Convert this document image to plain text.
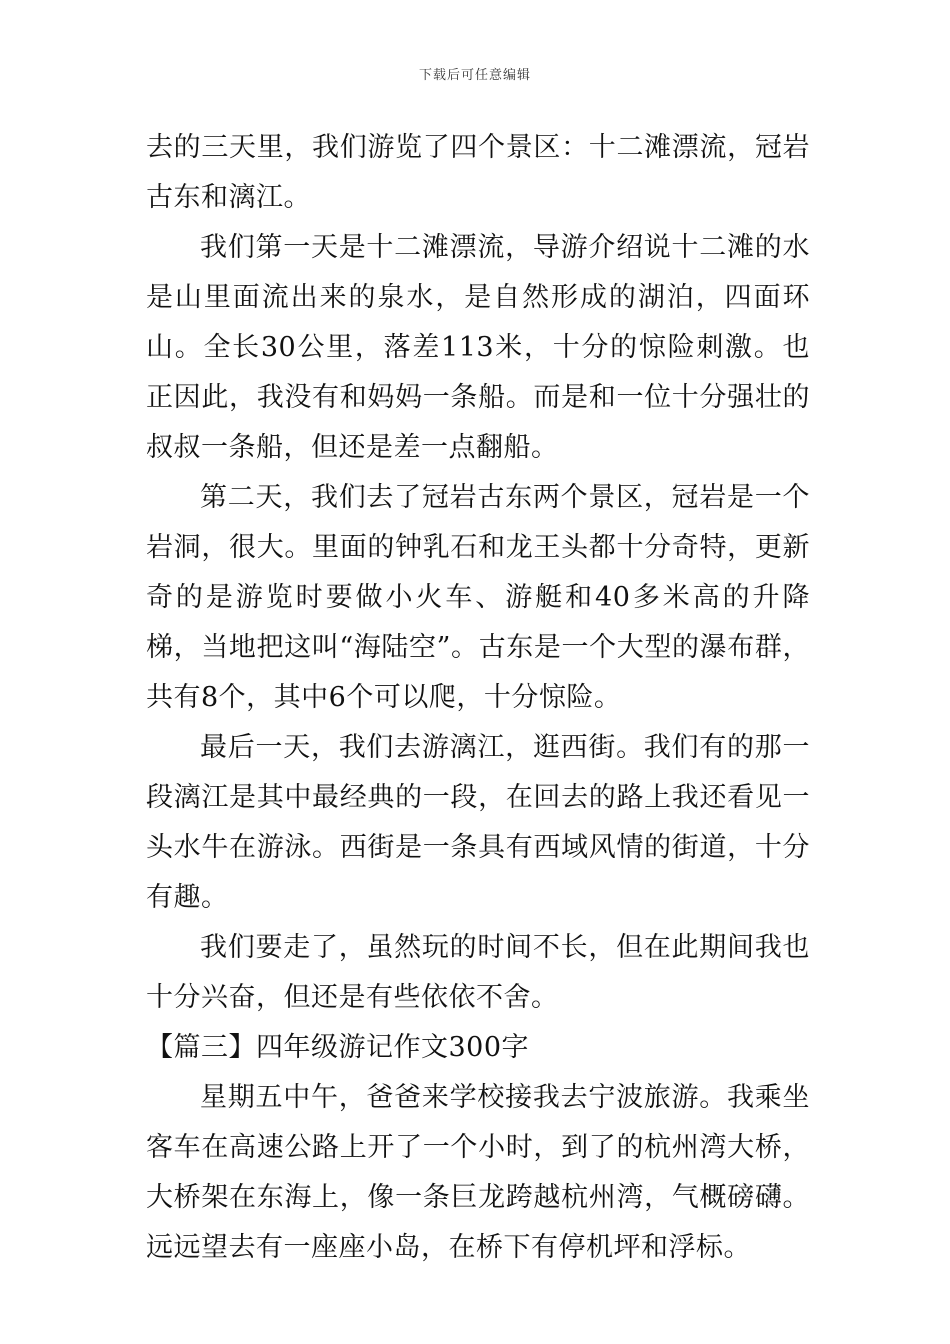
下载后可任意编辑

去的三天里，我们游览了四个景区：十二滩漂流，冠岩古东和漓江。

我们第一天是十二滩漂流，导游介绍说十二滩的水是山里面流出来的泉水，是自然形成的湖泊，四面环山。全长30公里，落差113米，十分的惊险刺激。也正因此，我没有和妈妈一条船。而是和一位十分强壮的叔叔一条船，但还是差一点翻船。

第二天，我们去了冠岩古东两个景区，冠岩是一个岩洞，很大。里面的钟乳石和龙王头都十分奇特，更新奇的是游览时要做小火车、游艇和40多米高的升降梯，当地把这叫“海陆空”。古东是一个大型的瀑布群，共有8个，其中6个可以爬，十分惊险。

最后一天，我们去游漓江，逛西街。我们有的那一段漓江是其中最经典的一段，在回去的路上我还看见一头水牛在游泳。西街是一条具有西域风情的街道，十分有趣。

我们要走了，虽然玩的时间不长，但在此期间我也十分兴奋，但还是有些依依不舍。

【篇三】四年级游记作文300字

星期五中午，爸爸来学校接我去宁波旅游。我乘坐客车在高速公路上开了一个小时，到了的杭州湾大桥，大桥架在东海上，像一条巨龙跨越杭州湾，气概磅礴。远远望去有一座座小岛，在桥下有停机坪和浮标。
